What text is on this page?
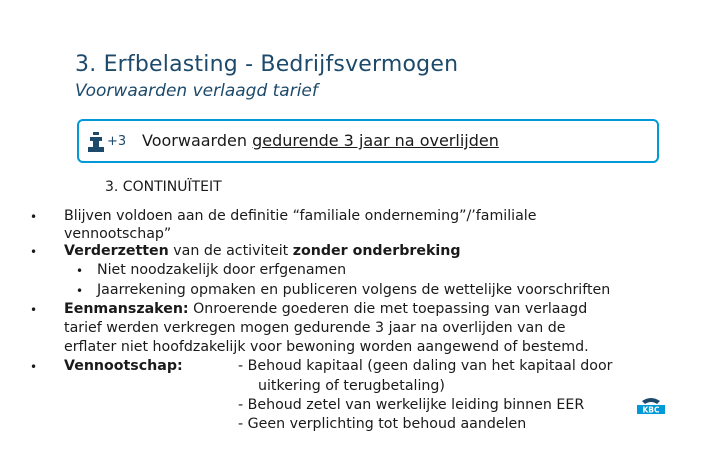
3. Erfbelasting - Bedrijfsvermogen
Voorwaarden verlaagd tarief
+3 Voorwaarden gedurende 3 jaar na overlijden
3. CONTINUÏTEIT
• Blijven voldoen aan de definitie “familiale onderneming”/’familiale
vennootschap”
• Verderzetten van de activiteit zonder onderbreking
• Niet noodzakelijk door erfgenamen
• Jaarrekening opmaken en publiceren volgens de wettelijke voorschriften
• Eenmanszaken: Onroerende goederen die met toepassing van verlaagd
tarief werden verkregen mogen gedurende 3 jaar na overlijden van de
erflater niet hoofdzakelijk voor bewoning worden aangewend of bestemd.
• Vennootschap:	- Behoud kapitaal (geen daling van het kapitaal door
uitkering of terugbetaling)
- Behoud zetel van werkelijke leiding binnen EER
- Geen verplichting tot behoud aandelen
KBC
